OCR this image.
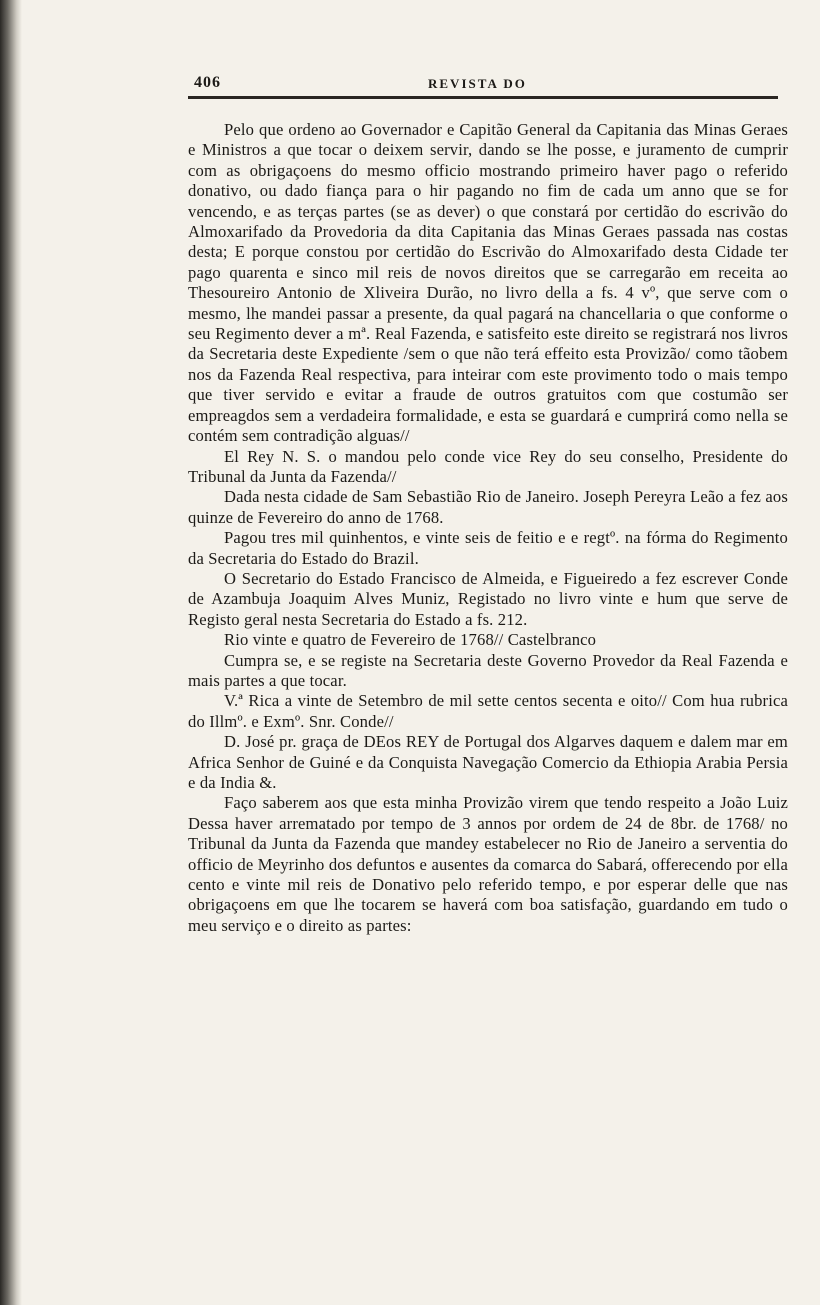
406	REVISTA DO

Pelo que ordeno ao Governador e Capitão General da Capitania das Minas Geraes e Ministros a que tocar o deixem servir, dando se lhe posse, e juramento de cumprir com as obrigaçoens do mesmo officio mostrando primeiro haver pago o referido donativo, ou dado fiança para o hir pagando no fim de cada um anno que se for vencendo, e as terças partes (se as dever) o que constará por certidão do escrivão do Almoxarifado da Provedoria da dita Capitania das Minas Geraes passada nas costas desta; E porque constou por certidão do Escrivão do Almoxarifado desta Cidade ter pago quarenta e sinco mil reis de novos direitos que se carregarão em receita ao Thesoureiro Antonio de Xliveira Durão, no livro della a fs. 4 vº, que serve com o mesmo, lhe mandei passar a presente, da qual pagará na chancellaria o que conforme o seu Regimento dever a mª. Real Fazenda, e satisfeito este direito se registrará nos livros da Secretaria deste Expediente /sem o que não terá effeito esta Provizão/ como tãobem nos da Fazenda Real respectiva, para inteirar com este provimento todo o mais tempo que tiver servido e evitar a fraude de outros gratuitos com que costumão ser empreagdos sem a verdadeira formalidade, e esta se guardará e cumprirá como nella se contém sem contradição alguas//

El Rey N. S. o mandou pelo conde vice Rey do seu conselho, Presidente do Tribunal da Junta da Fazenda//

Dada nesta cidade de Sam Sebastião Rio de Janeiro. Joseph Pereyra Leão a fez aos quinze de Fevereiro do anno de 1768.

Pagou tres mil quinhentos, e vinte seis de feitio e e regtº. na fórma do Regimento da Secretaria do Estado do Brazil.

O Secretario do Estado Francisco de Almeida, e Figueiredo a fez escrever Conde de Azambuja Joaquim Alves Muniz, Registado no livro vinte e hum que serve de Registo geral nesta Secretaria do Estado a fs. 212.

Rio vinte e quatro de Fevereiro de 1768// Castelbranco

Cumpra se, e se registe na Secretaria deste Governo Provedor da Real Fazenda e mais partes a que tocar.

V.ª Rica a vinte de Setembro de mil sette centos secenta e oito// Com hua rubrica do Illmº. e Exmº. Snr. Conde//

D. José pr. graça de DEos REY de Portugal dos Algarves daquem e dalem mar em Africa Senhor de Guiné e da Conquista Navegação Comercio da Ethiopia Arabia Persia e da India &.

Faço saberem aos que esta minha Provizão virem que tendo respeito a João Luiz Dessa haver arrematado por tempo de 3 annos por ordem de 24 de 8br. de 1768/ no Tribunal da Junta da Fazenda que mandey estabelecer no Rio de Janeiro a serventia do officio de Meyrinho dos defuntos e ausentes da comarca do Sabará, offerecendo por ella cento e vinte mil reis de Donativo pelo referido tempo, e por esperar delle que nas obrigaçoens em que lhe tocarem se haverá com boa satisfação, guardando em tudo o meu serviço e o direito as partes:
